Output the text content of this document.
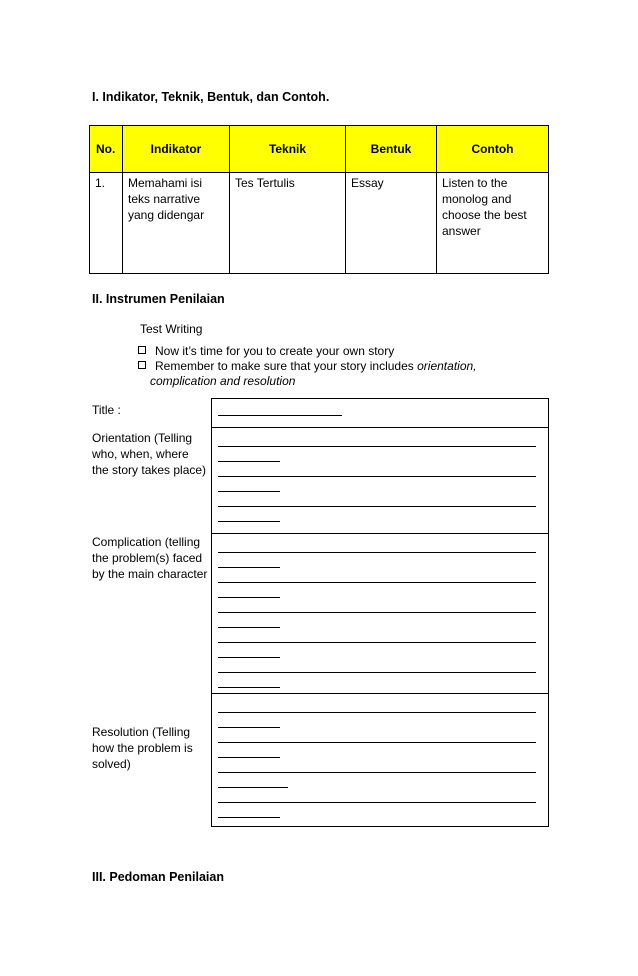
I. Indikator, Teknik, Bentuk, dan Contoh.
No.	Indikator	Teknik	Bentuk	Contoh
1.	Memahami isi teks narrative yang didengar	Tes Tertulis	Essay	Listen to the monolog and choose the best answer
II. Instrumen Penilaian
Test Writing
Now it’s time for you to create your own story
Remember to make sure that your story includes orientation,
complication and resolution
Title :
Orientation (Telling who, when, where the story takes place)
Complication (telling the problem(s) faced by the main character
Resolution (Telling how the problem is solved)
III. Pedoman Penilaian
